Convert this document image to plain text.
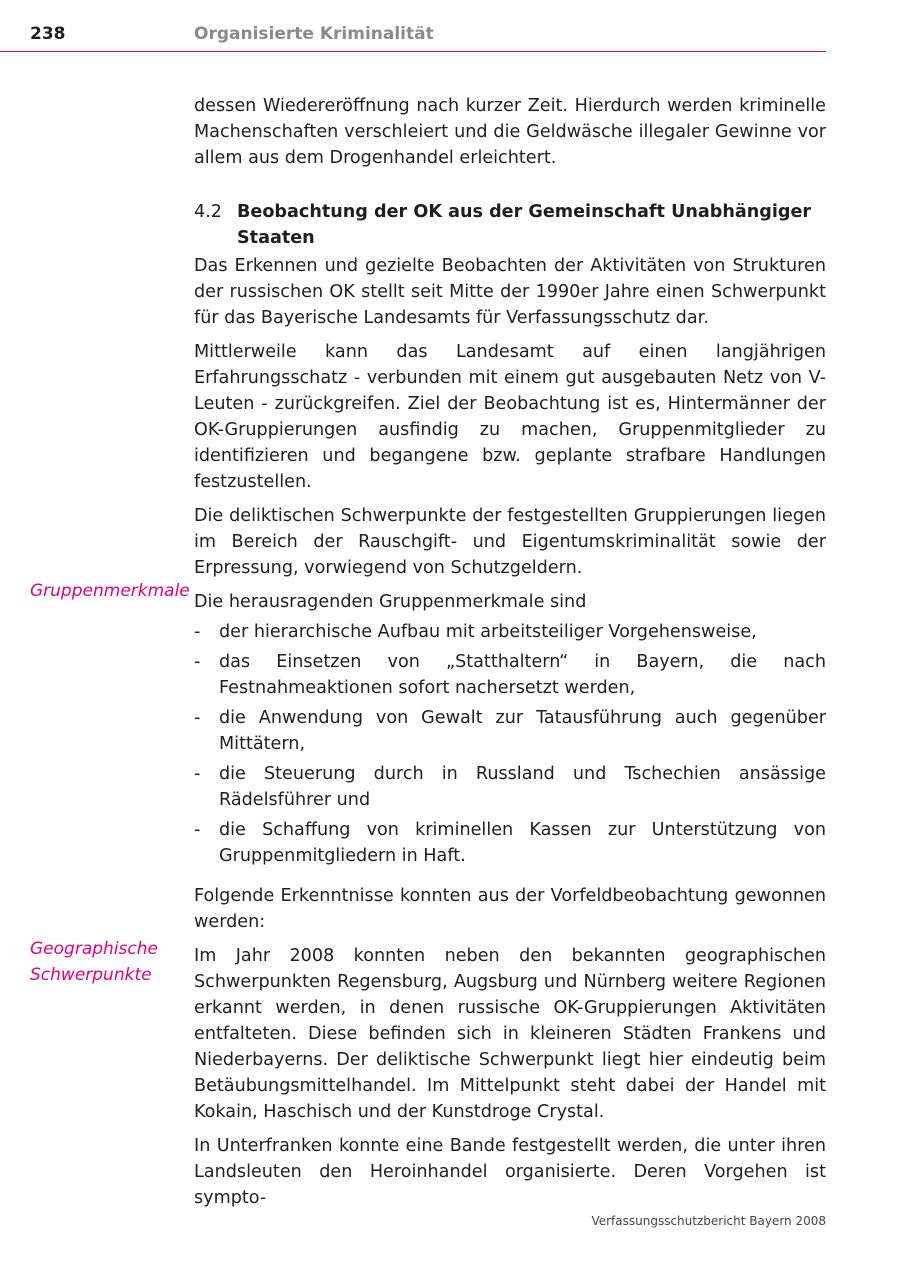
238	Organisierte Kriminalität
Gruppenmerkmale
Geographische Schwerpunkte

dessen Wiedereröffnung nach kurzer Zeit. Hierdurch werden kriminelle Machenschaften verschleiert und die Geldwäsche illegaler Gewinne vor allem aus dem Drogenhandel erleichtert.

4.2 Beobachtung der OK aus der Gemeinschaft Unabhängiger Staaten

Das Erkennen und gezielte Beobachten der Aktivitäten von Strukturen der russischen OK stellt seit Mitte der 1990er Jahre einen Schwerpunkt für das Bayerische Landesamts für Verfassungsschutz dar.

Mittlerweile kann das Landesamt auf einen langjährigen Erfahrungsschatz - verbunden mit einem gut ausgebauten Netz von V-Leuten - zurückgreifen. Ziel der Beobachtung ist es, Hintermänner der OK-Gruppierungen ausfindig zu machen, Gruppenmitglieder zu identifizieren und begangene bzw. geplante strafbare Handlungen festzustellen.

Die deliktischen Schwerpunkte der festgestellten Gruppierungen liegen im Bereich der Rauschgift- und Eigentumskriminalität sowie der Erpressung, vorwiegend von Schutzgeldern.

Die herausragenden Gruppenmerkmale sind

- der hierarchische Aufbau mit arbeitsteiliger Vorgehensweise,
- das Einsetzen von „Statthaltern“ in Bayern, die nach Festnahmeaktionen sofort nachersetzt werden,
- die Anwendung von Gewalt zur Tatausführung auch gegenüber Mittätern,
- die Steuerung durch in Russland und Tschechien ansässige Rädelsführer und
- die Schaffung von kriminellen Kassen zur Unterstützung von Gruppenmitgliedern in Haft.

Folgende Erkenntnisse konnten aus der Vorfeldbeobachtung gewonnen werden:

Im Jahr 2008 konnten neben den bekannten geographischen Schwerpunkten Regensburg, Augsburg und Nürnberg weitere Regionen erkannt werden, in denen russische OK-Gruppierungen Aktivitäten entfalteten. Diese befinden sich in kleineren Städten Frankens und Niederbayerns. Der deliktische Schwerpunkt liegt hier eindeutig beim Betäubungsmittelhandel. Im Mittelpunkt steht dabei der Handel mit Kokain, Haschisch und der Kunstdroge Crystal.

In Unterfranken konnte eine Bande festgestellt werden, die unter ihren Landsleuten den Heroinhandel organisierte. Deren Vorgehen ist sympto-

Verfassungsschutzbericht Bayern 2008
